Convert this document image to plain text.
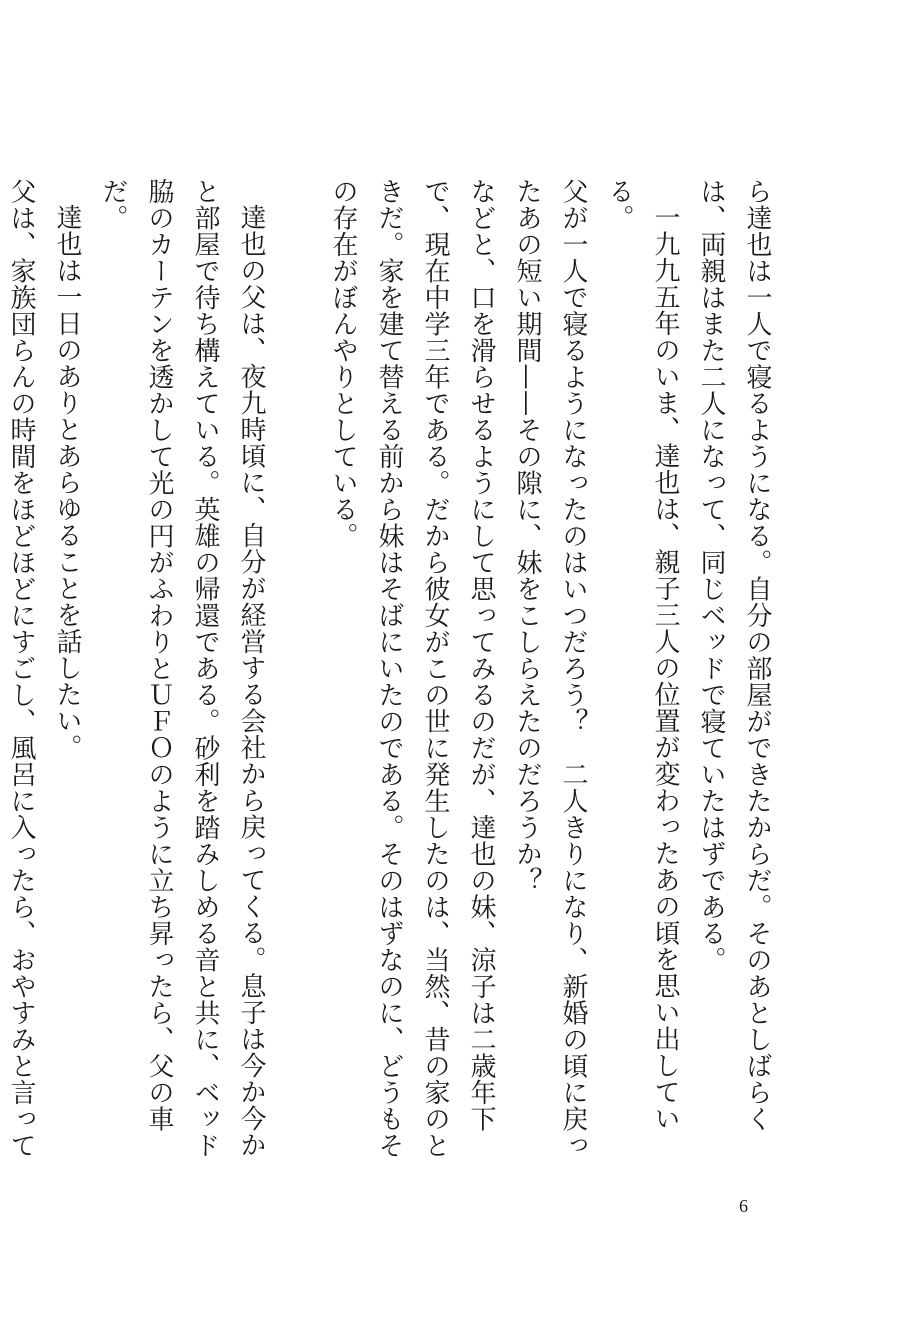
ら達也は一人で寝るようになる。自分の部屋ができたからだ。そのあとしばらくは、両親はまた二人になって、同じベッドで寝ていたはずである。

一九九五年のいま、達也は、親子三人の位置が変わったあの頃を思い出している。

父が一人で寝るようになったのはいつだろう？　二人きりになり、新婚の頃に戻ったあの短い期間——その隙に、妹をこしらえたのだろうか？

などと、口を滑らせるようにして思ってみるのだが、達也の妹、涼子は二歳年下で、現在中学三年である。だから彼女がこの世に発生したのは、当然、昔の家のときだ。家を建て替える前から妹はそばにいたのである。そのはずなのに、どうもその存在がぼんやりとしている。

達也の父は、夜九時頃に、自分が経営する会社から戻ってくる。息子は今か今かと部屋で待ち構えている。英雄の帰還である。砂利を踏みしめる音と共に、ベッド脇のカーテンを透かして光の円がふわりとＵＦＯのように立ち昇ったら、父の車だ。

達也は一日のありとあらゆることを話したい。

父は、家族団らんの時間をほどほどにすごし、風呂に入ったら、おやすみと言って

6
